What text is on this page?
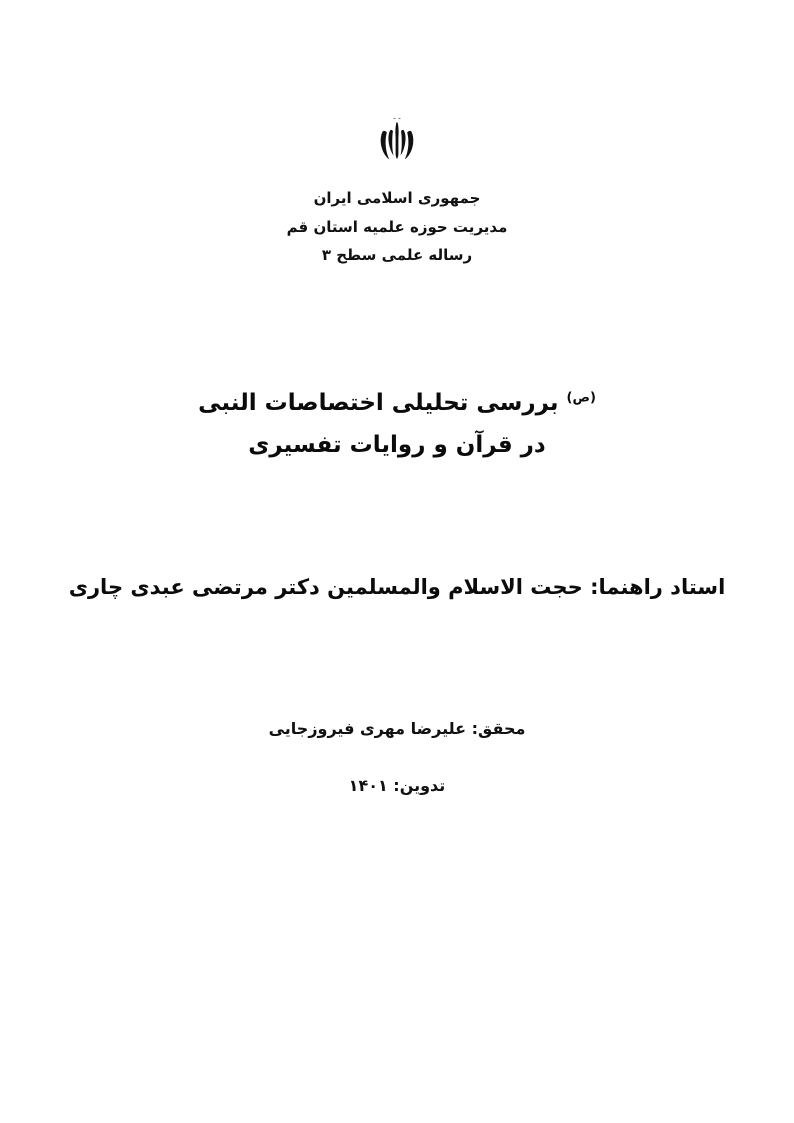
جمهوری اسلامی ایران
مدیریت حوزه علمیه استان قم
رساله علمی سطح ۳
$^{(ص)}$ بررسی تحلیلی اختصاصات النبی
در قرآن و روایات تفسیری
استاد راهنما: حجت الاسلام والمسلمین دکتر مرتضی عبدی چاری
محقق: علیرضا مهری فیروزجایی
تدوین: ۱۴۰۱
